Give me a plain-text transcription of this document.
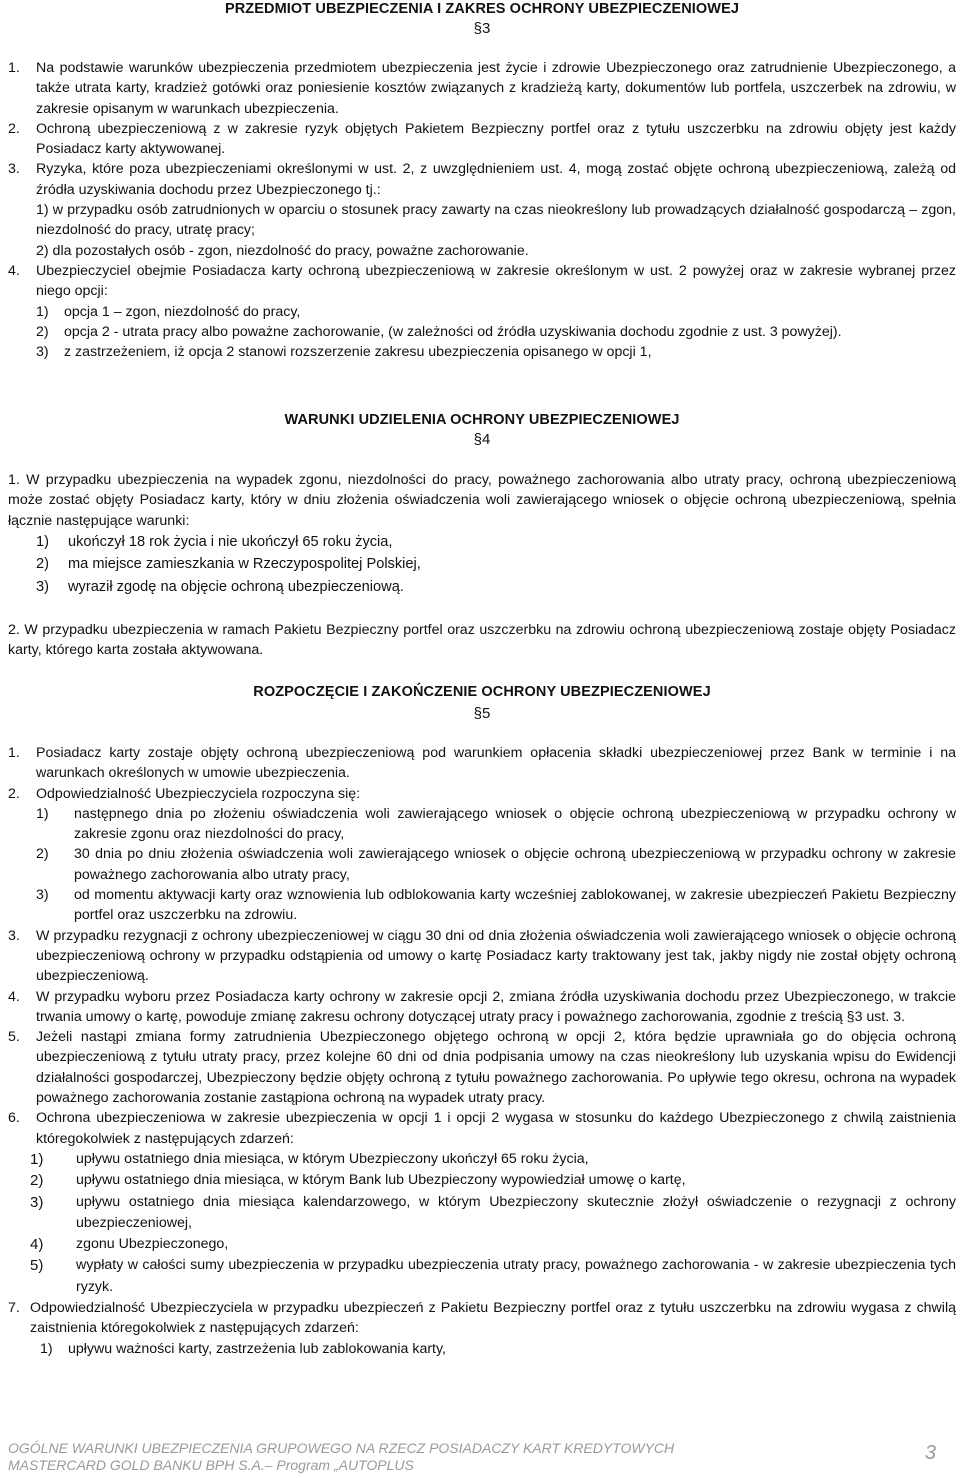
PRZEDMIOT UBEZPIECZENIA I ZAKRES OCHRONY UBEZPIECZENIOWEJ
§3
1. Na podstawie warunków ubezpieczenia przedmiotem ubezpieczenia jest życie i zdrowie Ubezpieczonego oraz zatrudnienie Ubezpieczonego, a także utrata karty, kradzież gotówki oraz poniesienie kosztów związanych z kradzieżą karty, dokumentów lub portfela, uszczerbek na zdrowiu, w zakresie opisanym w warunkach ubezpieczenia.
2. Ochroną ubezpieczeniową z w zakresie ryzyk objętych Pakietem Bezpieczny portfel oraz z tytułu uszczerbku na zdrowiu objęty jest każdy Posiadacz karty aktywowanej.
3. Ryzyka, które poza ubezpieczeniami określonymi w ust. 2, z uwzględnieniem ust. 4, mogą zostać objęte ochroną ubezpieczeniową, zależą od źródła uzyskiwania dochodu przez Ubezpieczonego tj.:
1) w przypadku osób zatrudnionych w oparciu o stosunek pracy zawarty na czas nieokreślony lub prowadzących działalność gospodarczą – zgon, niezdolność do pracy, utratę pracy;
2) dla pozostałych osób - zgon, niezdolność do pracy, poważne zachorowanie.
4. Ubezpieczyciel obejmie Posiadacza karty ochroną ubezpieczeniową w zakresie określonym w ust. 2 powyżej oraz w zakresie wybranej przez niego opcji:
1) opcja 1 – zgon, niezdolność do pracy,
2) opcja 2 - utrata pracy albo poważne zachorowanie, (w zależności od źródła uzyskiwania dochodu zgodnie z ust. 3 powyżej).
3) z zastrzeżeniem, iż opcja 2 stanowi rozszerzenie zakresu ubezpieczenia opisanego w opcji 1,
WARUNKI UDZIELENIA OCHRONY UBEZPIECZENIOWEJ
§4
1. W przypadku ubezpieczenia na wypadek zgonu, niezdolności do pracy, poważnego zachorowania albo utraty pracy, ochroną ubezpieczeniową może zostać objęty Posiadacz karty, który w dniu złożenia oświadczenia woli zawierającego wniosek o objęcie ochroną ubezpieczeniową, spełnia łącznie następujące warunki:
1) ukończył 18 rok życia i nie ukończył 65 roku życia,
2) ma miejsce zamieszkania w Rzeczypospolitej Polskiej,
3) wyraził zgodę na objęcie ochroną ubezpieczeniową.
2. W przypadku ubezpieczenia w ramach Pakietu Bezpieczny portfel oraz uszczerbku na zdrowiu ochroną ubezpieczeniową zostaje objęty Posiadacz karty, którego karta została aktywowana.
ROZPOCZĘCIE I ZAKOŃCZENIE OCHRONY UBEZPIECZENIOWEJ
§5
1. Posiadacz karty zostaje objęty ochroną ubezpieczeniową pod warunkiem opłacenia składki ubezpieczeniowej przez Bank w terminie i na warunkach określonych w umowie ubezpieczenia.
2. Odpowiedzialność Ubezpieczyciela rozpoczyna się:
1) następnego dnia po złożeniu oświadczenia woli zawierającego wniosek o objęcie ochroną ubezpieczeniową w przypadku ochrony w zakresie zgonu oraz niezdolności do pracy,
2) 30 dnia po dniu złożenia oświadczenia woli zawierającego wniosek o objęcie ochroną ubezpieczeniową w przypadku ochrony w zakresie poważnego zachorowania albo utraty pracy,
3) od momentu aktywacji karty oraz wznowienia lub odblokowania karty wcześniej zablokowanej, w zakresie ubezpieczeń Pakietu Bezpieczny portfel oraz uszczerbku na zdrowiu.
3. W przypadku rezygnacji z ochrony ubezpieczeniowej w ciągu 30 dni od dnia złożenia oświadczenia woli zawierającego wniosek o objęcie ochroną ubezpieczeniową ochrony w przypadku odstąpienia od umowy o kartę Posiadacz karty traktowany jest tak, jakby nigdy nie został objęty ochroną ubezpieczeniową.
4. W przypadku wyboru przez Posiadacza karty ochrony w zakresie opcji 2, zmiana źródła uzyskiwania dochodu przez Ubezpieczonego, w trakcie trwania umowy o kartę, powoduje zmianę zakresu ochrony dotyczącej utraty pracy i poważnego zachorowania, zgodnie z treścią §3 ust. 3.
5. Jeżeli nastąpi zmiana formy zatrudnienia Ubezpieczonego objętego ochroną w opcji 2, która będzie uprawniała go do objęcia ochroną ubezpieczeniową z tytułu utraty pracy, przez kolejne 60 dni od dnia podpisania umowy na czas nieokreślony lub uzyskania wpisu do Ewidencji działalności gospodarczej, Ubezpieczony będzie objęty ochroną z tytułu poważnego zachorowania. Po upływie tego okresu, ochrona na wypadek poważnego zachorowania zostanie zastąpiona ochroną na wypadek utraty pracy.
6. Ochrona ubezpieczeniowa w zakresie ubezpieczenia w opcji 1 i opcji 2 wygasa w stosunku do każdego Ubezpieczonego z chwilą zaistnienia któregokolwiek z następujących zdarzeń:
1) upływu ostatniego dnia miesiąca, w którym Ubezpieczony ukończył 65 roku życia,
2) upływu ostatniego dnia miesiąca, w którym Bank lub Ubezpieczony wypowiedział umowę o kartę,
3) upływu ostatniego dnia miesiąca kalendarzowego, w którym Ubezpieczony skutecznie złożył oświadczenie o rezygnacji z ochrony ubezpieczeniowej,
4) zgonu Ubezpieczonego,
5) wypłaty w całości sumy ubezpieczenia w przypadku ubezpieczenia utraty pracy, poważnego zachorowania - w zakresie ubezpieczenia tych ryzyk.
7. Odpowiedzialność Ubezpieczyciela w przypadku ubezpieczeń z Pakietu Bezpieczny portfel oraz z tytułu uszczerbku na zdrowiu wygasa z chwilą zaistnienia któregokolwiek z następujących zdarzeń:
1) upływu ważności karty, zastrzeżenia lub zablokowania karty,
OGÓLNE WARUNKI UBEZPIECZENIA GRUPOWEGO NA RZECZ POSIADACZY KART KREDYTOWYCH
MASTERCARD GOLD BANKU BPH S.A.– Program „AUTOPLUS
3
